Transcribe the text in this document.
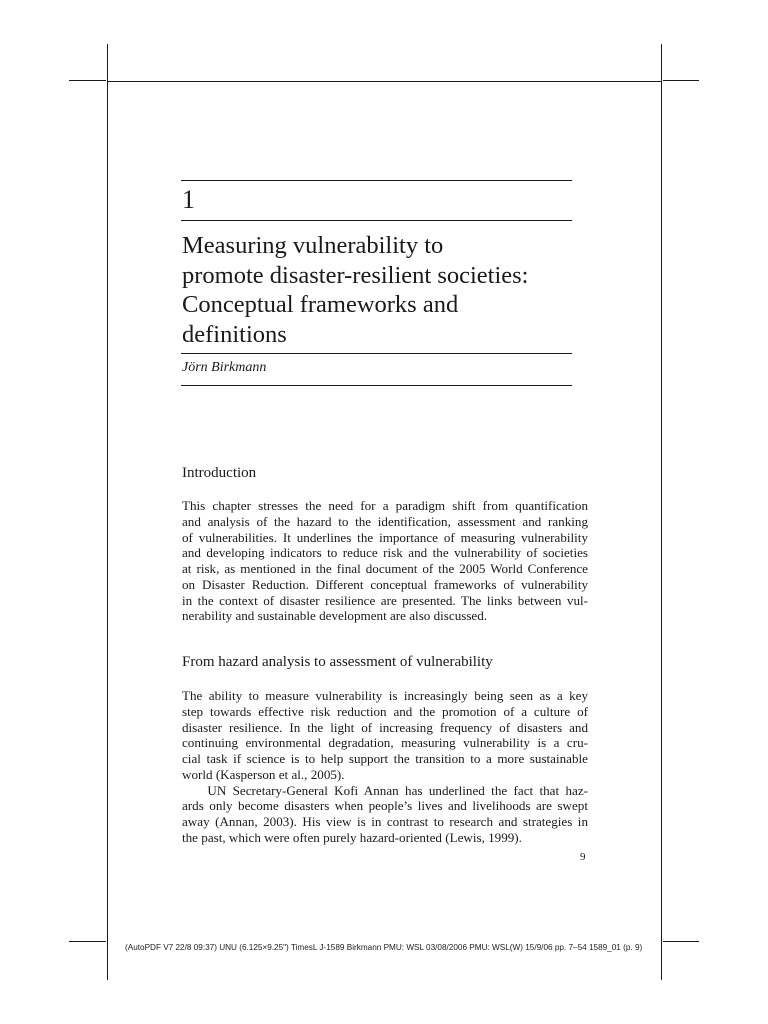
1
Measuring vulnerability to
promote disaster-resilient societies:
Conceptual frameworks and
definitions
Jörn Birkmann
Introduction
This chapter stresses the need for a paradigm shift from quantification
and analysis of the hazard to the identification, assessment and ranking
of vulnerabilities. It underlines the importance of measuring vulnerability
and developing indicators to reduce risk and the vulnerability of societies
at risk, as mentioned in the final document of the 2005 World Conference
on Disaster Reduction. Different conceptual frameworks of vulnerability
in the context of disaster resilience are presented. The links between vul-
nerability and sustainable development are also discussed.
From hazard analysis to assessment of vulnerability
The ability to measure vulnerability is increasingly being seen as a key
step towards effective risk reduction and the promotion of a culture of
disaster resilience. In the light of increasing frequency of disasters and
continuing environmental degradation, measuring vulnerability is a cru-
cial task if science is to help support the transition to a more sustainable
world (Kasperson et al., 2005).
UN Secretary-General Kofi Annan has underlined the fact that haz-
ards only become disasters when people’s lives and livelihoods are swept
away (Annan, 2003). His view is in contrast to research and strategies in
the past, which were often purely hazard-oriented (Lewis, 1999).
9
(AutoPDF V7 22/8 09:37) UNU (6.125×9.25") TimesL J-1589 Birkmann PMU: WSL 03/08/2006 PMU: WSL(W) 15/9/06 pp. 7–54 1589_01 (p. 9)
